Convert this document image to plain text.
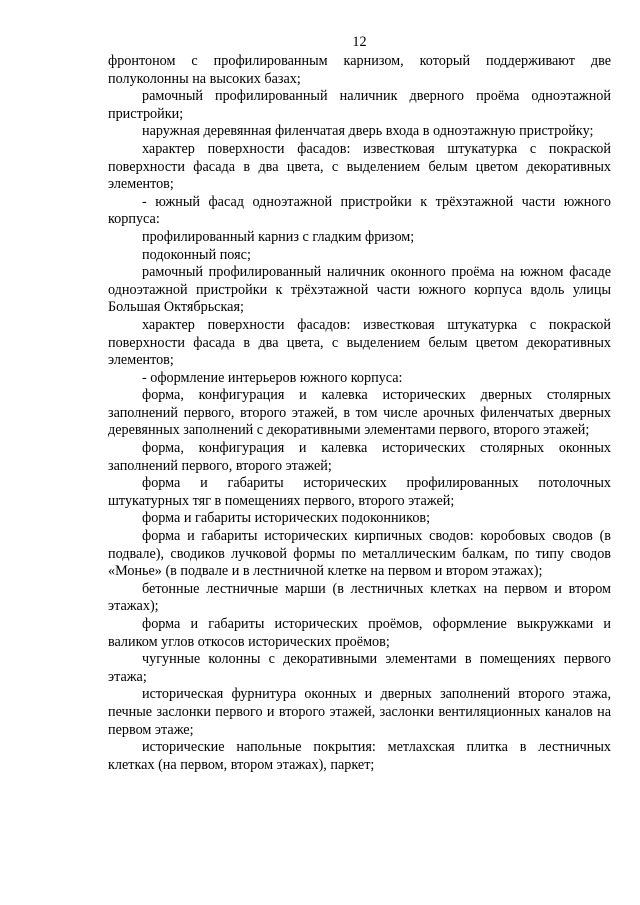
12

фронтоном с профилированным карнизом, который поддерживают две полуколонны на высоких базах;

рамочный профилированный наличник дверного проёма одноэтажной пристройки;

наружная деревянная филенчатая дверь входа в одноэтажную пристройку;

характер поверхности фасадов: известковая штукатурка с покраской поверхности фасада в два цвета, с выделением белым цветом декоративных элементов;

- южный фасад одноэтажной пристройки к трёхэтажной части южного корпуса:

профилированный карниз с гладким фризом;

подоконный пояс;

рамочный профилированный наличник оконного проёма на южном фасаде одноэтажной пристройки к трёхэтажной части южного корпуса вдоль улицы Большая Октябрьская;

характер поверхности фасадов: известковая штукатурка с покраской поверхности фасада в два цвета, с выделением белым цветом декоративных элементов;

- оформление интерьеров южного корпуса:

форма, конфигурация и калевка исторических дверных столярных заполнений первого, второго этажей, в том числе арочных филенчатых дверных деревянных заполнений с декоративными элементами первого, второго этажей;

форма, конфигурация и калевка исторических столярных оконных заполнений первого, второго этажей;

форма и габариты исторических профилированных потолочных штукатурных тяг в помещениях первого, второго этажей;

форма и габариты исторических подоконников;

форма и габариты исторических кирпичных сводов: коробовых сводов (в подвале), сводиков лучковой формы по металлическим балкам, по типу сводов «Монье» (в подвале и в лестничной клетке на первом и втором этажах);

бетонные лестничные марши (в лестничных клетках на первом и втором этажах);

форма и габариты исторических проёмов, оформление выкружками и валиком углов откосов исторических проёмов;

чугунные колонны с декоративными элементами в помещениях первого этажа;

историческая фурнитура оконных и дверных заполнений второго этажа, печные заслонки первого и второго этажей, заслонки вентиляционных каналов на первом этаже;

исторические напольные покрытия: метлахская плитка в лестничных клетках (на первом, втором этажах), паркет;
